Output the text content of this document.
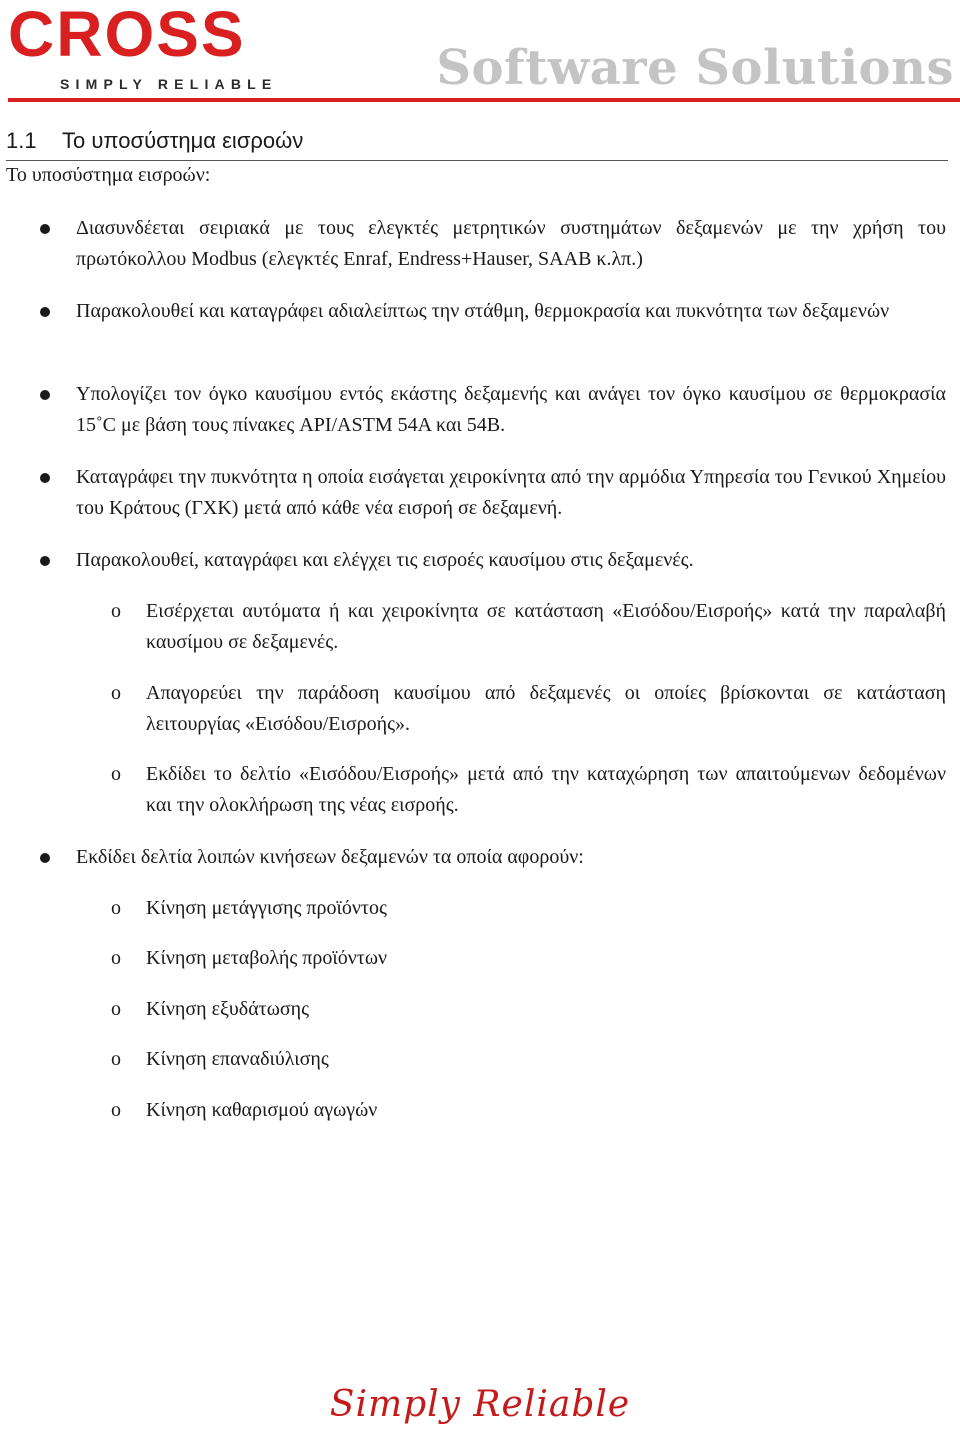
CROSS
SIMPLY RELIABLE	Software Solutions
1.1 Το υποσύστημα εισροών
Το υποσύστημα εισροών:
Διασυνδέεται σειριακά με τους ελεγκτές μετρητικών συστημάτων δεξαμενών με την χρήση του πρωτόκολλου Modbus (ελεγκτές Enraf, Endress+Hauser, SAAB κ.λπ.)
Παρακολουθεί και καταγράφει αδιαλείπτως την στάθμη, θερμοκρασία και πυκνότητα των δεξαμενών
Υπολογίζει τον όγκο καυσίμου εντός εκάστης δεξαμενής και ανάγει τον όγκο καυσίμου σε θερμοκρασία 15˚C με βάση τους πίνακες API/ASTM 54A και 54B.
Καταγράφει την πυκνότητα η οποία εισάγεται χειροκίνητα από την αρμόδια Υπηρεσία του Γενικού Χημείου του Κράτους (ΓΧΚ) μετά από κάθε νέα εισροή σε δεξαμενή.
Παρακολουθεί, καταγράφει και ελέγχει τις εισροές καυσίμου στις δεξαμενές.
o Εισέρχεται αυτόματα ή και χειροκίνητα σε κατάσταση «Εισόδου/Εισροής» κατά την παραλαβή καυσίμου σε δεξαμενές.
o Απαγορεύει την παράδοση καυσίμου από δεξαμενές οι οποίες βρίσκονται σε κατάσταση λειτουργίας «Εισόδου/Εισροής».
o Εκδίδει το δελτίο «Εισόδου/Εισροής» μετά από την καταχώρηση των απαιτούμενων δεδομένων και την ολοκλήρωση της νέας εισροής.
Εκδίδει δελτία λοιπών κινήσεων δεξαμενών τα οποία αφορούν:
o Κίνηση μετάγγισης προϊόντος
o Κίνηση μεταβολής προϊόντων
o Κίνηση εξυδάτωσης
o Κίνηση επαναδιύλισης
o Κίνηση καθαρισμού αγωγών
Simply Reliable
